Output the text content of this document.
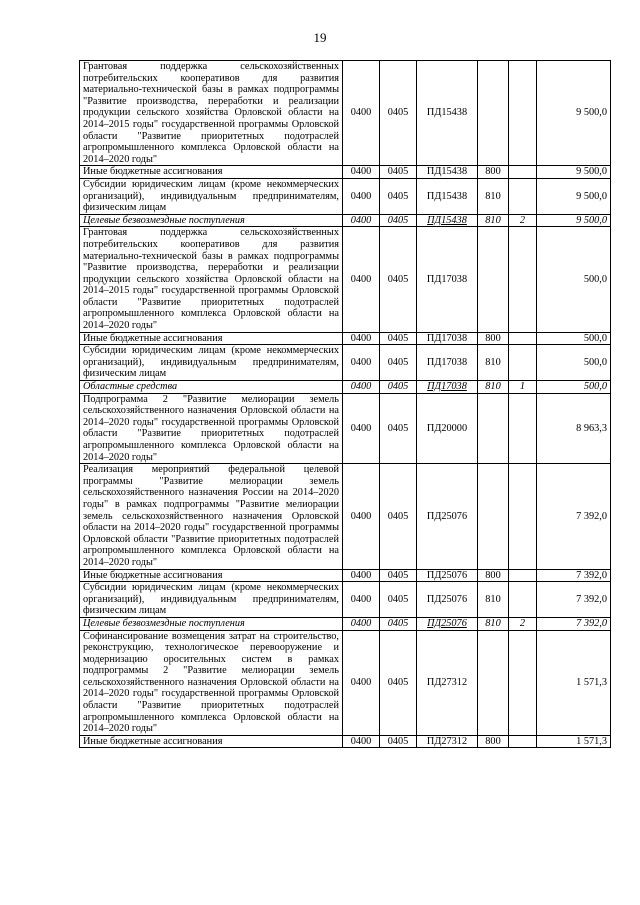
19
Грантовая поддержка сельскохозяйственных потребительских кооперативов для развития материально-технической базы в рамках подпрограммы "Развитие производства, переработки и реализации продукции сельского хозяйства Орловской области на 2014–2015 годы" государственной программы Орловской области "Развитие приоритетных подотраслей агропромышленного комплекса Орловской области на 2014–2020 годы"	0400	0405	ПД15438			9 500,0
Иные бюджетные ассигнования	0400	0405	ПД15438	800		9 500,0
Субсидии юридическим лицам (кроме некоммерческих организаций), индивидуальным предпринимателям, физическим лицам	0400	0405	ПД15438	810		9 500,0
Целевые безвозмездные поступления	0400	0405	ПД15438	810	2	9 500,0
Грантовая поддержка сельскохозяйственных потребительских кооперативов для развития материально-технической базы в рамках подпрограммы "Развитие производства, переработки и реализации продукции сельского хозяйства Орловской области на 2014–2015 годы" государственной программы Орловской области "Развитие приоритетных подотраслей агропромышленного комплекса Орловской области на 2014–2020 годы"	0400	0405	ПД17038			500,0
Иные бюджетные ассигнования	0400	0405	ПД17038	800		500,0
Субсидии юридическим лицам (кроме некоммерческих организаций), индивидуальным предпринимателям, физическим лицам	0400	0405	ПД17038	810		500,0
Областные средства	0400	0405	ПД17038	810	1	500,0
Подпрограмма 2 "Развитие мелиорации земель сельскохозяйственного назначения Орловской области на 2014–2020 годы" государственной программы Орловской области "Развитие приоритетных подотраслей агропромышленного комплекса Орловской области на 2014–2020 годы"	0400	0405	ПД20000			8 963,3
Реализация мероприятий федеральной целевой программы "Развитие мелиорации земель сельскохозяйственного назначения России на 2014–2020 годы" в рамках подпрограммы "Развитие мелиорации земель сельскохозяйственного назначения Орловской области на 2014–2020 годы" государственной программы Орловской области "Развитие приоритетных подотраслей агропромышленного комплекса Орловской области на 2014–2020 годы"	0400	0405	ПД25076			7 392,0
Иные бюджетные ассигнования	0400	0405	ПД25076	800		7 392,0
Субсидии юридическим лицам (кроме некоммерческих организаций), индивидуальным предпринимателям, физическим лицам	0400	0405	ПД25076	810		7 392,0
Целевые безвозмездные поступления	0400	0405	ПД25076	810	2	7 392,0
Софинансирование возмещения затрат на строительство, реконструкцию, технологическое перевооружение и модернизацию оросительных систем в рамках подпрограммы 2 "Развитие мелиорации земель сельскохозяйственного назначения Орловской области на 2014–2020 годы" государственной программы Орловской области "Развитие приоритетных подотраслей агропромышленного комплекса Орловской области на 2014–2020 годы"	0400	0405	ПД27312			1 571,3
Иные бюджетные ассигнования	0400	0405	ПД27312	800		1 571,3
